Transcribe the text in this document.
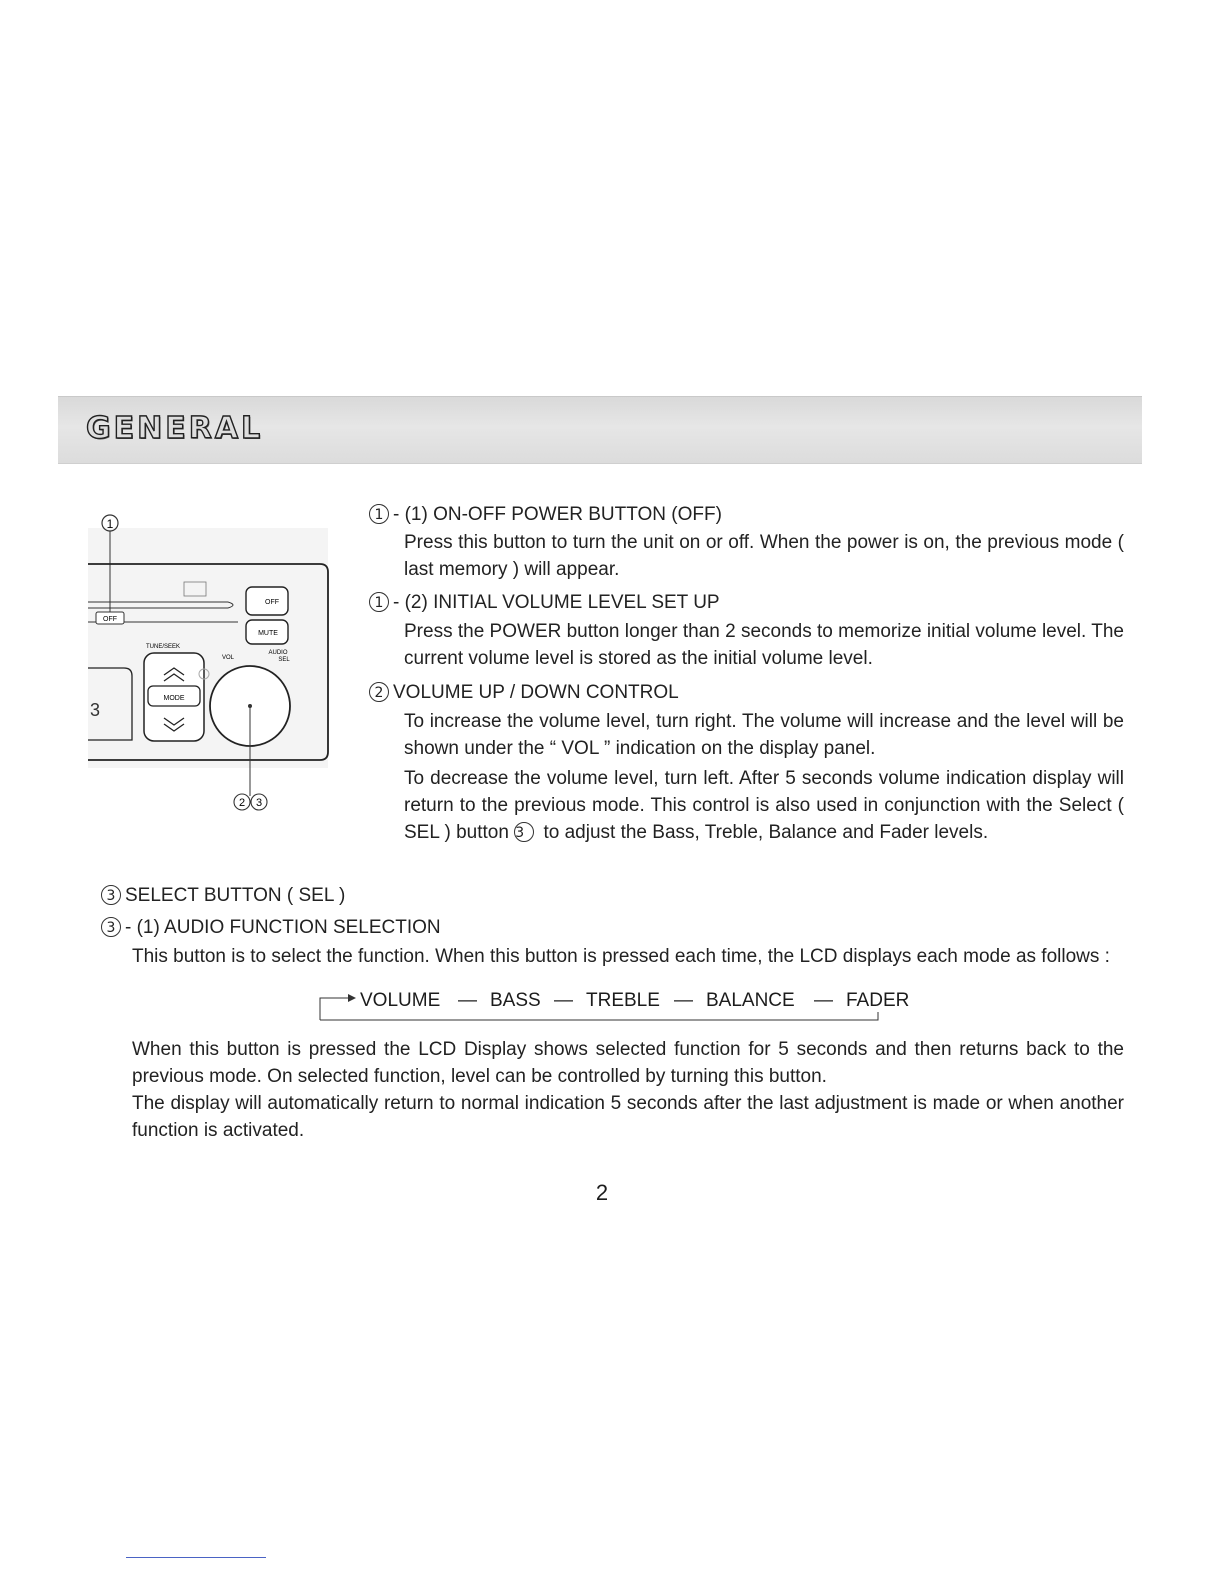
GENERAL
1
OFF
TUNE/SEEK
OFF
MUTE
MODE
3
VOL
AUDIO
SEL
2 3
2 3	1 - (1) ON-OFF POWER BUTTON (OFF)
Press this button to turn the unit on or off. When the power is on, the previous mode ( last memory ) will appear.
1 - (2) INITIAL VOLUME LEVEL SET UP
Press the POWER button longer than 2 seconds to memorize initial volume level. The current volume level is stored as the initial volume level.
2 VOLUME UP / DOWN CONTROL
To increase the volume level, turn right. The volume will increase and the level will be shown under the “ VOL ” indication on the display panel.
To decrease the volume level, turn left. After 5 seconds volume indication display will return to the previous mode. This control is also used in conjunction with the Select ( SEL ) button 3 to adjust the Bass, Treble, Balance and Fader levels.
3 SELECT BUTTON ( SEL )
3 - (1) AUDIO FUNCTION SELECTION
This button is to select the function. When this button is pressed each time, the LCD displays each mode as follows :
VOLUME — BASS — TREBLE — BALANCE — FADER
When this button is pressed the LCD Display shows selected function for 5 seconds and then returns back to the previous mode. On selected function, level can be controlled by turning this button.
The display will automatically return to normal indication 5 seconds after the last adjustment is made or when another function is activated.
2
